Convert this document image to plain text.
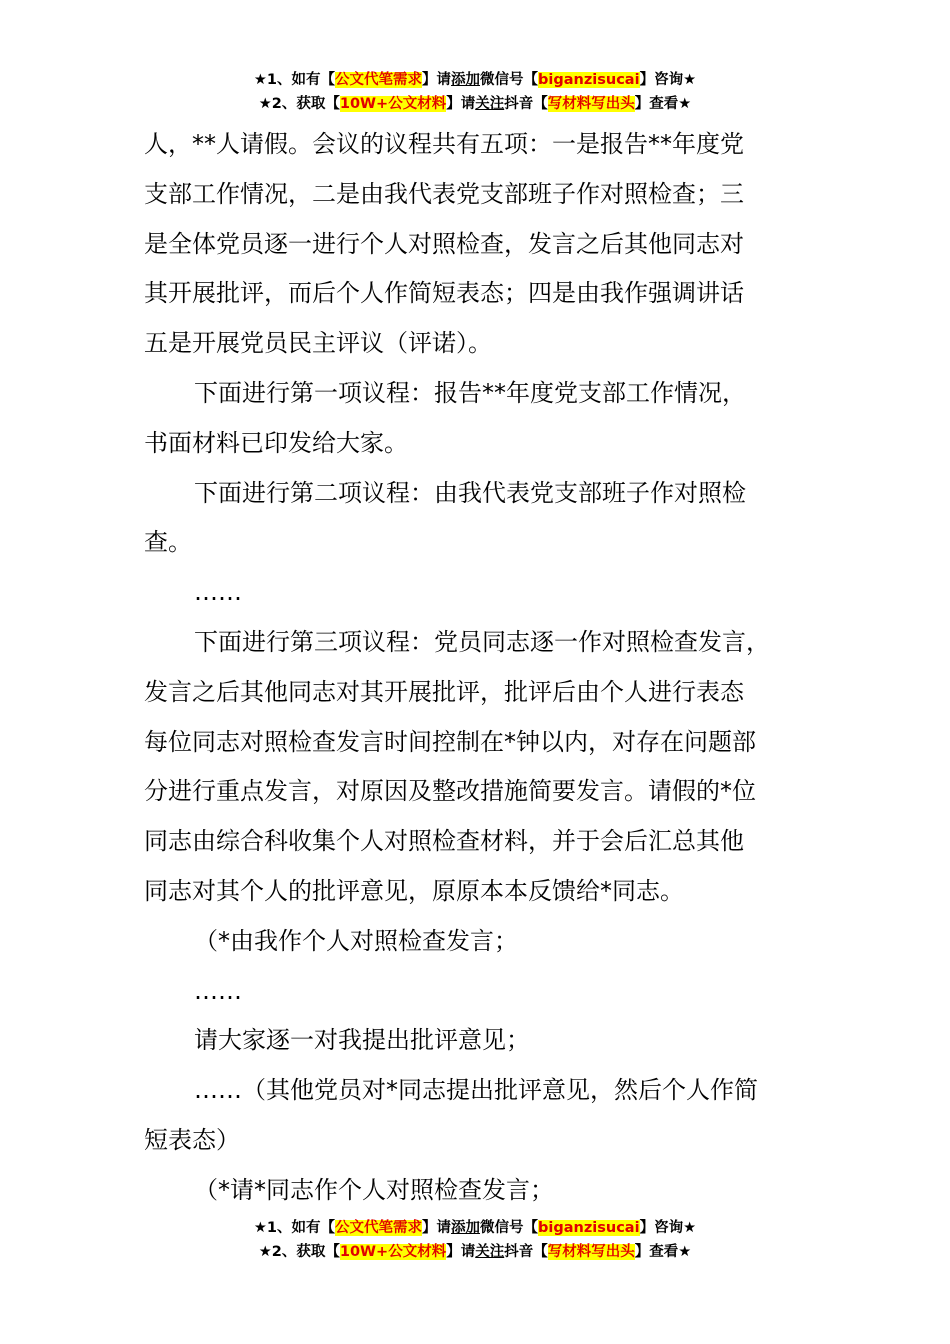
★1、如有【公文代笔需求】请添加微信号【biganzisucai】咨询★
★2、获取【10W+公文材料】请关注抖音【写材料写出头】查看★

人，**人请假。会议的议程共有五项：一是报告**年度党

支部工作情况，二是由我代表党支部班子作对照检查；三

是全体党员逐一进行个人对照检查，发言之后其他同志对

其开展批评，而后个人作简短表态；四是由我作强调讲话

五是开展党员民主评议（评诺）。

下面进行第一项议程：报告**年度党支部工作情况，

书面材料已印发给大家。

下面进行第二项议程：由我代表党支部班子作对照检

查。

……

下面进行第三项议程：党员同志逐一作对照检查发言，

发言之后其他同志对其开展批评，批评后由个人进行表态

每位同志对照检查发言时间控制在*钟以内，对存在问题部

分进行重点发言，对原因及整改措施简要发言。请假的*位

同志由综合科收集个人对照检查材料，并于会后汇总其他

同志对其个人的批评意见，原原本本反馈给*同志。

（*由我作个人对照检查发言；

……

请大家逐一对我提出批评意见；

……（其他党员对*同志提出批评意见，然后个人作简

短表态）

（*请*同志作个人对照检查发言；

★1、如有【公文代笔需求】请添加微信号【biganzisucai】咨询★
★2、获取【10W+公文材料】请关注抖音【写材料写出头】查看★
